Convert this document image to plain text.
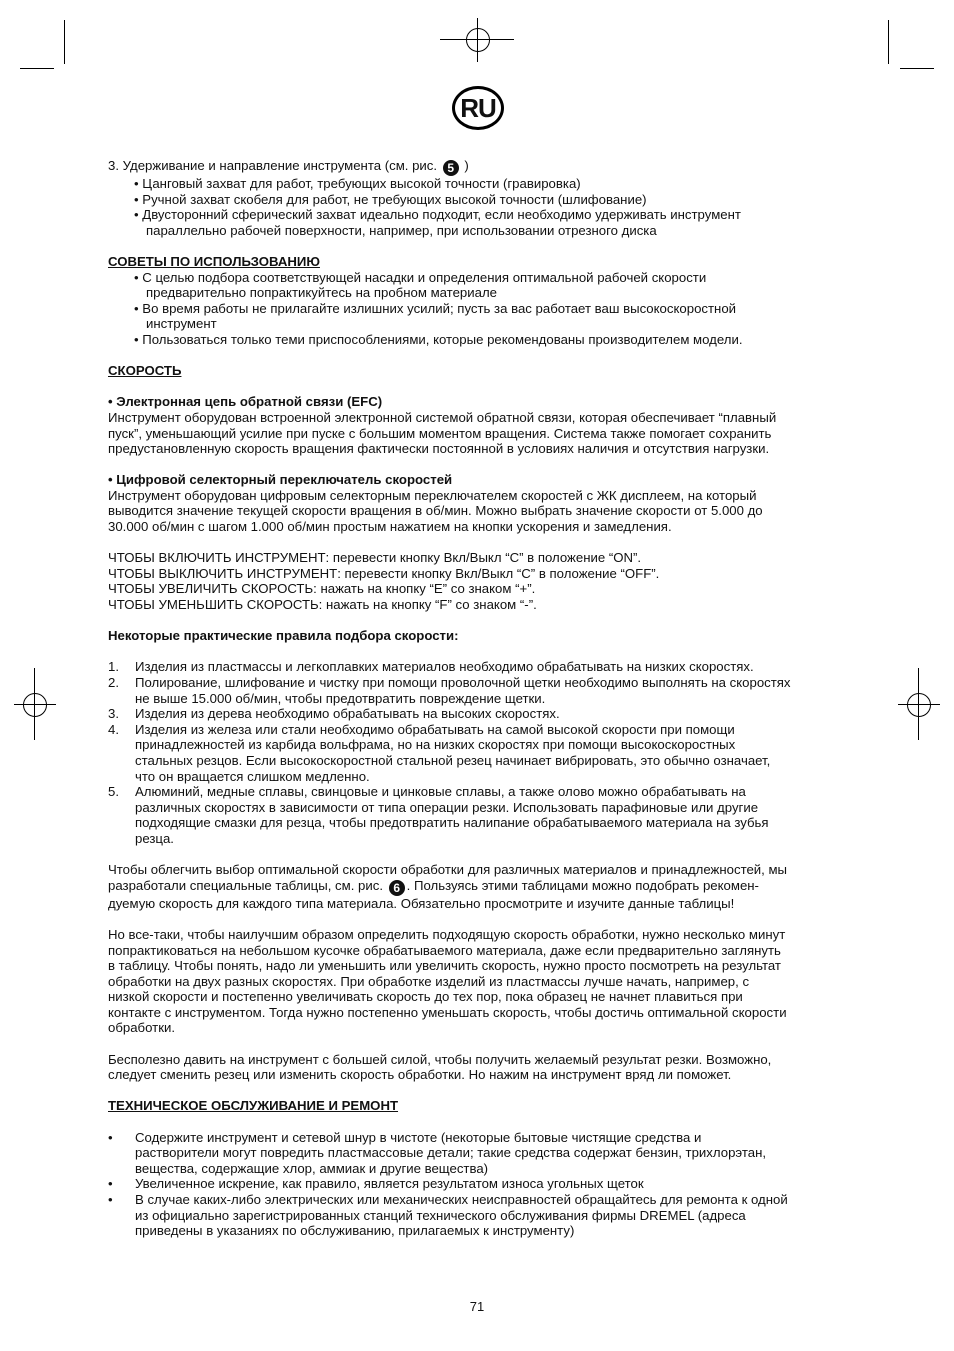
RU
3. Удерживание и направление инструмента (см. рис. 5 )
• Цанговый захват для работ, требующих высокой точности (гравировка)
• Ручной захват скобеля для работ, не требующих высокой точности (шлифование)
• Двусторонний сферический захват идеально подходит, если необходимо удерживать инструмент
параллельно рабочей поверхности, например, при использовании отрезного диска
СОВЕТЫ ПО ИСПОЛЬЗОВАНИЮ
• С целью подбора соответствующей насадки и определения оптимальной рабочей скорости
предварительно попрактикуйтесь на пробном материале
• Во время работы не прилагайте излишних усилий; пусть за вас работает ваш высокоскоростной
инструмент
• Пользоваться только теми приспособлениями, которые рекомендованы производителем модели.
СКОРОСТЬ
• Электронная цепь обратной связи (EFC)
Инструмент оборудован встроенной электронной системой обратной связи, которая обеспечивает “плавный
пуск”, уменьшающий усилие при пуске с большим моментом вращения. Система также помогает сохранить
предустановленную скорость вращения фактически постоянной в условиях наличия и отсутствия нагрузки.
• Цифровой селекторный переключатель скоростей
Инструмент оборудован цифровым селекторным переключателем скоростей с ЖК дисплеем, на который
выводится значение текущей скорости вращения в об/мин. Можно выбрать значение скорости от 5.000 до
30.000 об/мин с шагом 1.000 об/мин простым нажатием на кнопки ускорения и замедления.
ЧТОБЫ ВКЛЮЧИТЬ ИНСТРУМЕНТ: перевести кнопку Вкл/Выкл “C” в положение “ON”.
ЧТОБЫ ВЫКЛЮЧИТЬ ИНСТРУМЕНТ: перевести кнопку Вкл/Выкл “C” в положение “OFF”.
ЧТОБЫ УВЕЛИЧИТЬ СКОРОСТЬ: нажать на кнопку “E” со знаком “+”.
ЧТОБЫ УМЕНЬШИТЬ СКОРОСТЬ: нажать на кнопку “F” со знаком “-”.
Некоторые практические правила подбора скорости:
1.	Изделия из пластмассы и легкоплавких материалов необходимо обрабатывать на низких скоростях.
2.	Полирование, шлифование и чистку при помощи проволочной щетки необходимо выполнять на скоростях
не выше 15.000 об/мин, чтобы предотвратить повреждение щетки.
3.	Изделия из дерева необходимо обрабатывать на высоких скоростях.
4.	Изделия из железа или стали необходимо обрабатывать на самой высокой скорости при помощи
принадлежностей из карбида вольфрама, но на низких скоростях при помощи высокоскоростных
стальных резцов. Если высокоскоростной стальной резец начинает вибрировать, это обычно означает,
что он вращается слишком медленно.
5.	Алюминий, медные сплавы, свинцовые и цинковые сплавы, а также олово можно обрабатывать на
различных скоростях в зависимости от типа операции резки. Использовать парафиновые или другие
подходящие смазки для резца, чтобы предотвратить налипание обрабатываемого материала на зубья
резца.
Чтобы облегчить выбор оптимальной скорости обработки для различных материалов и принадлежностей, мы
разработали специальные таблицы, см. рис. 6 . Пользуясь этими таблицами можно подобрать рекомен-
дуемую скорость для каждого типа материала. Обязательно просмотрите и изучите данные таблицы!
Но все-таки, чтобы наилучшим образом определить подходящую скорость обработки, нужно несколько минут
попрактиковаться на небольшом кусочке обрабатываемого материала, даже если предварительно заглянуть
в таблицу. Чтобы понять, надо ли уменьшить или увеличить скорость, нужно просто посмотреть на результат
обработки на двух разных скоростях. При обработке изделий из пластмассы лучше начать, например, с
низкой скорости и постепенно увеличивать скорость до тех пор, пока образец не начнет плавиться при
контакте с инструментом. Тогда нужно постепенно уменьшать скорость, чтобы достичь оптимальной скорости
обработки.
Бесполезно давить на инструмент с большей силой, чтобы получить желаемый результат резки. Возможно,
следует сменить резец или изменить скорость обработки. Но нажим на инструмент вряд ли поможет.
ТЕХНИЧЕСКОЕ ОБСЛУЖИВАНИЕ И РЕМОНТ
•	Содержите инструмент и сетевой шнур в чистоте (некоторые бытовые чистящие средства и
растворители могут повредить пластмассовые детали; такие средства содержат бензин, трихлорэтан,
вещества, содержащие хлор, аммиак и другие вещества)
•	Увеличенное искрение, как правило, является результатом износа угольных щеток
•	В случае каких-либо электрических или механических неисправностей обращайтесь для ремонта к одной
из официально зарегистрированных станций технического обслуживания фирмы DREMEL (адреса
приведены в указаниях по обслуживанию, прилагаемых к инструменту)
71
